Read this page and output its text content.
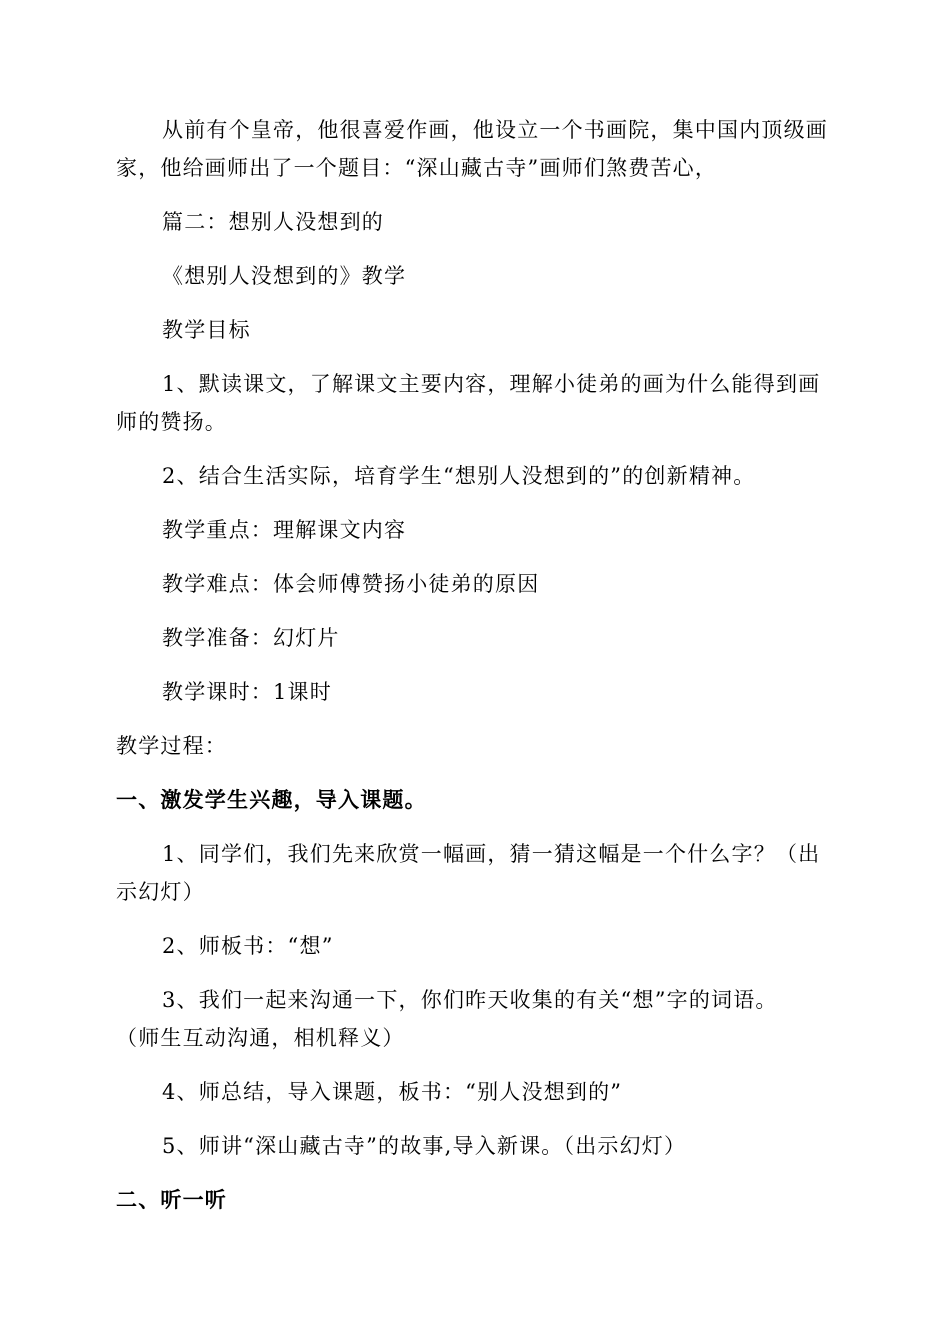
从前有个皇帝，他很喜爱作画，他设立一个书画院，集中国内顶级画
家，他给画师出了一个题目：“深山藏古寺”画师们煞费苦心，
篇二：想别人没想到的
《想别人没想到的》教学
教学目标
1、默读课文，了解课文主要内容，理解小徒弟的画为什么能得到画
师的赞扬。
2、结合生活实际，培育学生“想别人没想到的”的创新精神。
教学重点：理解课文内容
教学难点：体会师傅赞扬小徒弟的原因
教学准备：幻灯片
教学课时：1课时
教学过程：
一、激发学生兴趣，导入课题。
1、同学们，我们先来欣赏一幅画，猜一猜这幅是一个什么字？（出
示幻灯）
2、师板书：“想”
3、我们一起来沟通一下，你们昨天收集的有关“想”字的词语。
（师生互动沟通，相机释义）
4、师总结，导入课题，板书：“别人没想到的”
5、师讲“深山藏古寺”的故事,导入新课。（出示幻灯）
二、听一听
